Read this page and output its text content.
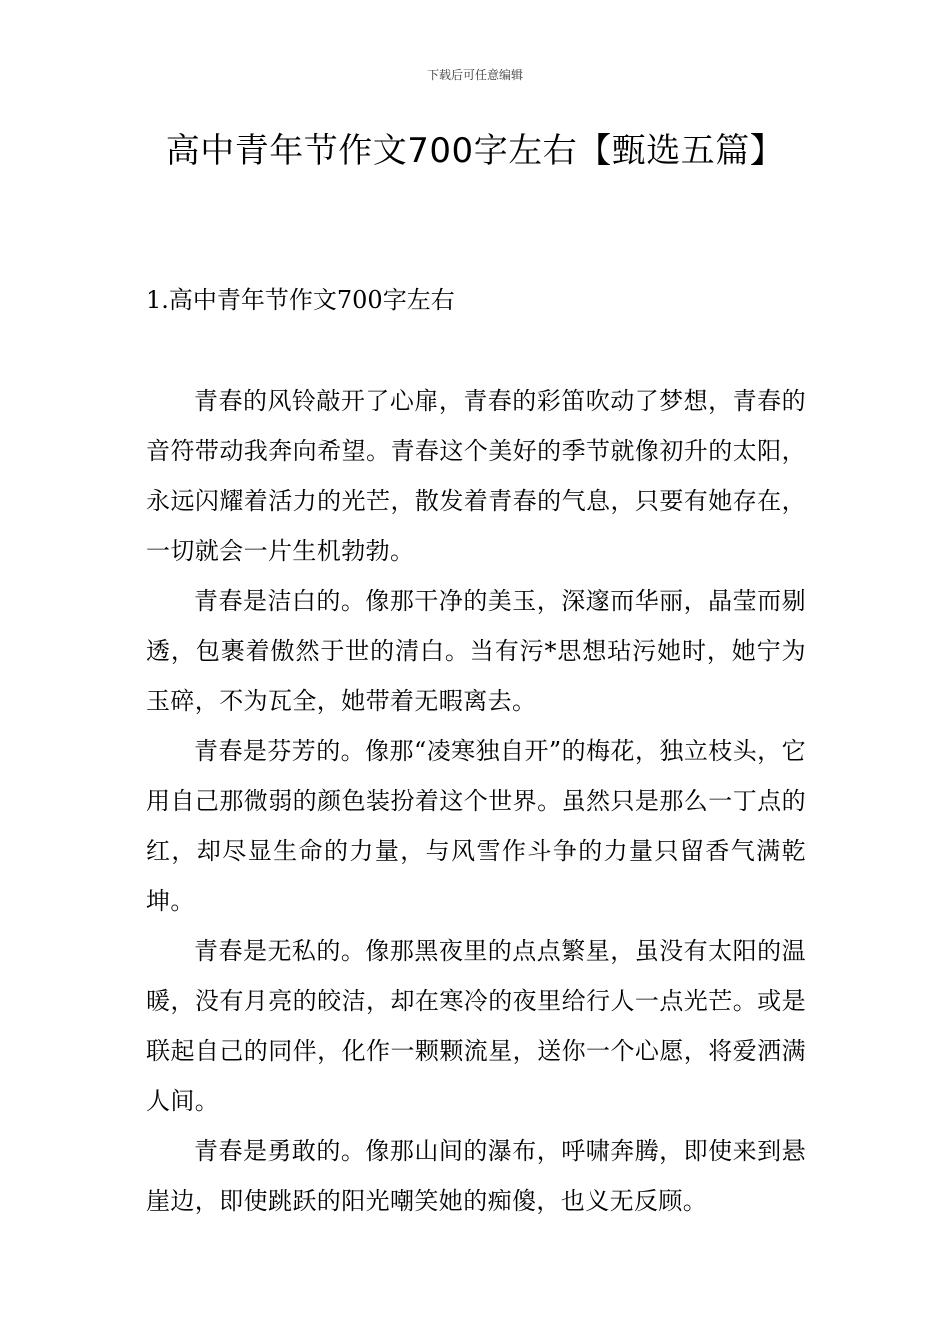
下载后可任意编辑
高中青年节作文700字左右【甄选五篇】
1.高中青年节作文700字左右

青春的风铃敲开了心扉，青春的彩笛吹动了梦想，青春的音符带动我奔向希望。青春这个美好的季节就像初升的太阳，永远闪耀着活力的光芒，散发着青春的气息，只要有她存在，一切就会一片生机勃勃。

青春是洁白的。像那干净的美玉，深邃而华丽，晶莹而剔透，包裹着傲然于世的清白。当有污*思想玷污她时，她宁为玉碎，不为瓦全，她带着无暇离去。

青春是芬芳的。像那“凌寒独自开”的梅花，独立枝头，它用自己那微弱的颜色装扮着这个世界。虽然只是那么一丁点的红，却尽显生命的力量，与风雪作斗争的力量只留香气满乾坤。

青春是无私的。像那黑夜里的点点繁星，虽没有太阳的温暖，没有月亮的皎洁，却在寒冷的夜里给行人一点光芒。或是联起自己的同伴，化作一颗颗流星，送你一个心愿，将爱洒满人间。

青春是勇敢的。像那山间的瀑布，呼啸奔腾，即使来到悬崖边，即使跳跃的阳光嘲笑她的痴傻，也义无反顾。
